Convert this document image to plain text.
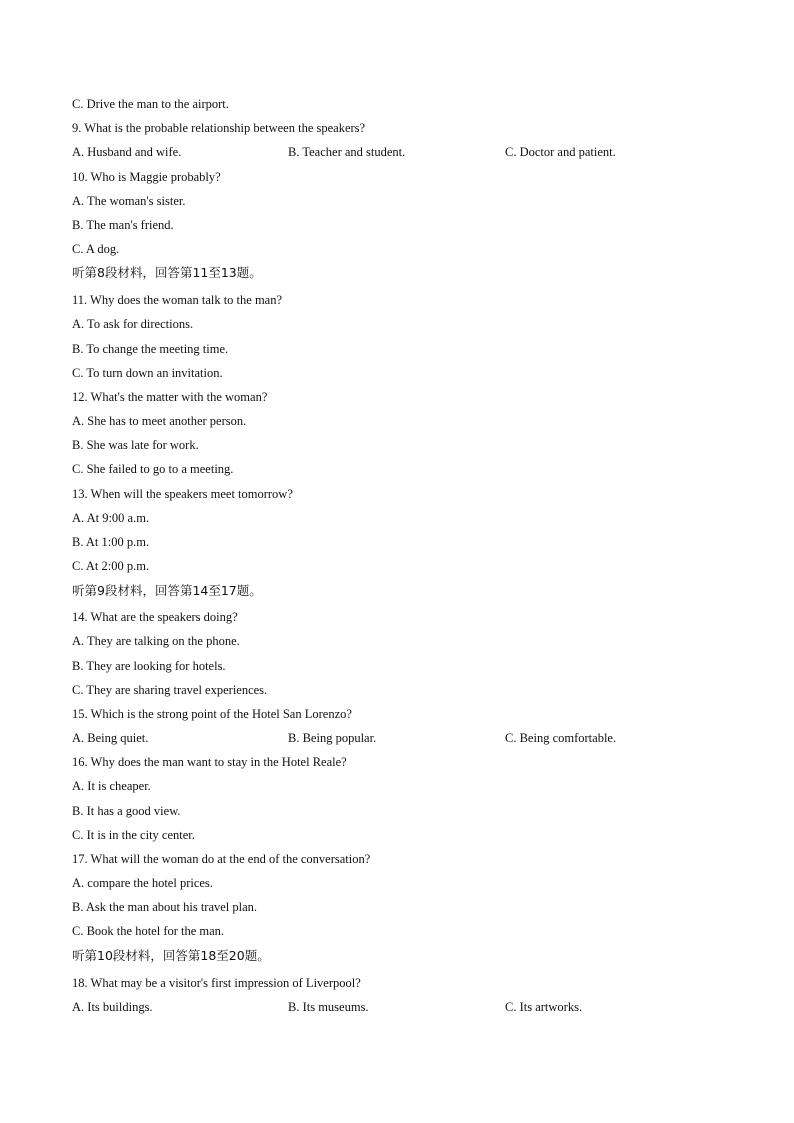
C. Drive the man to the airport.
9. What is the probable relationship between the speakers?
A. Husband and wife.	B. Teacher and student.	C. Doctor and patient.
10. Who is Maggie probably?
A. The woman's sister.
B. The man's friend.
C. A dog.
听第8段材料，回答第11至13题。
11. Why does the woman talk to the man?
A. To ask for directions.
B. To change the meeting time.
C. To turn down an invitation.
12. What's the matter with the woman?
A. She has to meet another person.
B. She was late for work.
C. She failed to go to a meeting.
13. When will the speakers meet tomorrow?
A. At 9:00 a.m.
B. At 1:00 p.m.
C. At 2:00 p.m.
听第9段材料，回答第14至17题。
14. What are the speakers doing?
A. They are talking on the phone.
B. They are looking for hotels.
C. They are sharing travel experiences.
15. Which is the strong point of the Hotel San Lorenzo?
A. Being quiet.	B. Being popular.	C. Being comfortable.
16. Why does the man want to stay in the Hotel Reale?
A. It is cheaper.
B. It has a good view.
C. It is in the city center.
17. What will the woman do at the end of the conversation?
A. compare the hotel prices.
B. Ask the man about his travel plan.
C. Book the hotel for the man.
听第10段材料，回答第18至20题。
18. What may be a visitor's first impression of Liverpool?
A. Its buildings.	B. Its museums.	C. Its artworks.
